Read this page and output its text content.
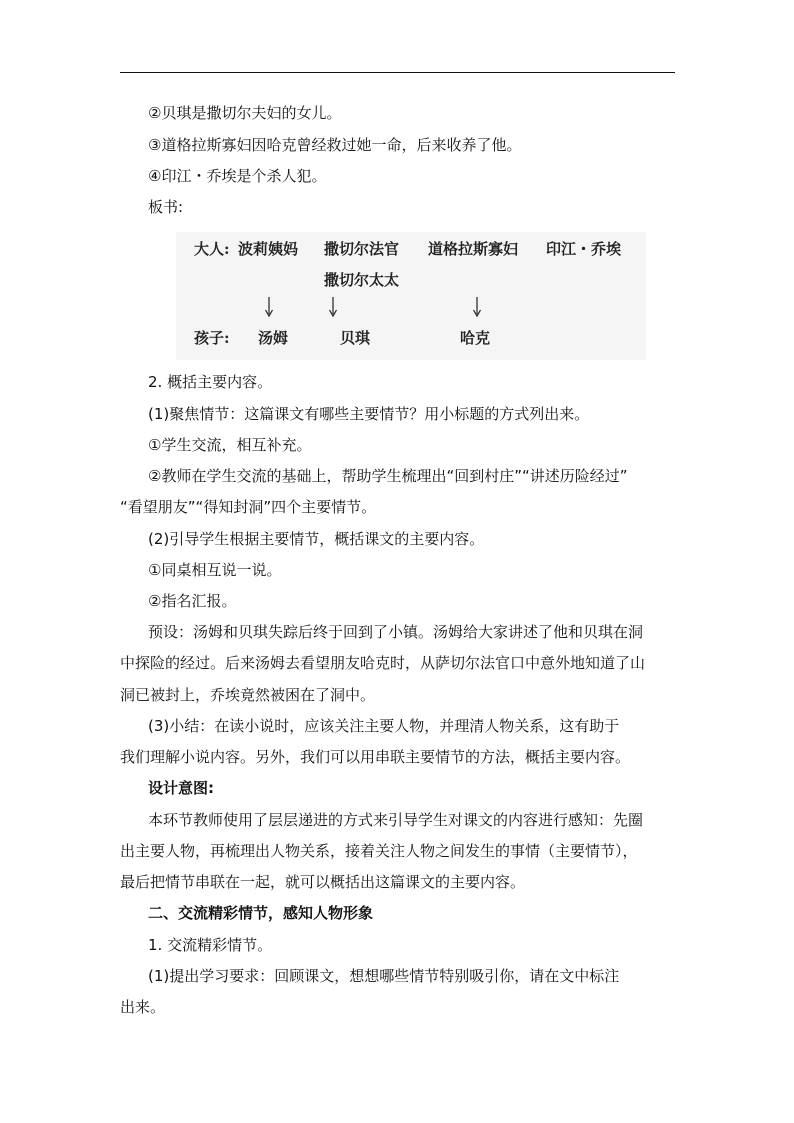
②贝琪是撒切尔夫妇的女儿。
③道格拉斯寡妇因哈克曾经救过她一命，后来收养了他。
④印江・乔埃是个杀人犯。
板书:
大人: 波莉姨妈 撒切尔法官 道格拉斯寡妇 印江・乔埃
撒切尔太太
孩子: 汤姆	贝琪	哈克
2. 概括主要内容。
(1)聚焦情节：这篇课文有哪些主要情节？用小标题的方式列出来。
①学生交流，相互补充。
②教师在学生交流的基础上，帮助学生梳理出“回到村庄”“讲述历险经过”
“看望朋友”“得知封洞”四个主要情节。
(2)引导学生根据主要情节，概括课文的主要内容。
①同桌相互说一说。
②指名汇报。
预设：汤姆和贝琪失踪后终于回到了小镇。汤姆给大家讲述了他和贝琪在洞
中探险的经过。后来汤姆去看望朋友哈克时，从萨切尔法官口中意外地知道了山
洞已被封上，乔埃竟然被困在了洞中。
(3)小结：在读小说时，应该关注主要人物，并理清人物关系，这有助于
我们理解小说内容。另外，我们可以用串联主要情节的方法，概括主要内容。
设计意图:
本环节教师使用了层层递进的方式来引导学生对课文的内容进行感知：先圈
出主要人物，再梳理出人物关系，接着关注人物之间发生的事情（主要情节），
最后把情节串联在一起，就可以概括出这篇课文的主要内容。
二、交流精彩情节，感知人物形象
1. 交流精彩情节。
(1)提出学习要求：回顾课文，想想哪些情节特别吸引你，请在文中标注
出来。
